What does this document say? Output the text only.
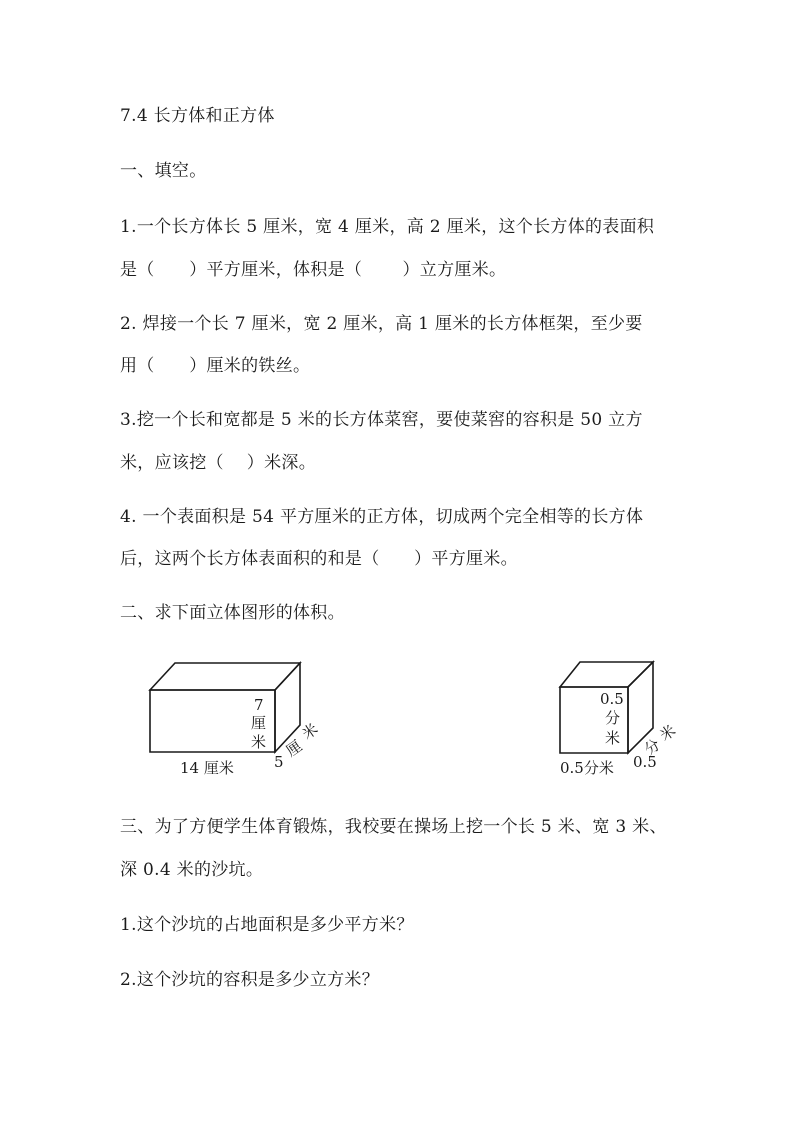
7.4 长方体和正方体
一、填空。
1.一个长方体长 5 厘米，宽 4 厘米，高 2 厘米，这个长方体的表面积
是（　　）平方厘米，体积是（　　 ）立方厘米。
2. 焊接一个长 7 厘米，宽 2 厘米，高 1 厘米的长方体框架，至少要
用（　　）厘米的铁丝。
3.挖一个长和宽都是 5 米的长方体菜窖，要使菜窖的容积是 50 立方
米，应该挖（　 ）米深。
4. 一个表面积是 54 平方厘米的正方体，切成两个完全相等的长方体
后，这两个长方体表面积的和是（　　）平方厘米。
二、求下面立体图形的体积。
7
厘
米
14 厘米	5
厘
米
0.5
分
米
0.5分米 0.5
分
米
三、为了方便学生体育锻炼，我校要在操场上挖一个长 5 米、宽 3 米、
深 0.4 米的沙坑。
1.这个沙坑的占地面积是多少平方米？
2.这个沙坑的容积是多少立方米？
